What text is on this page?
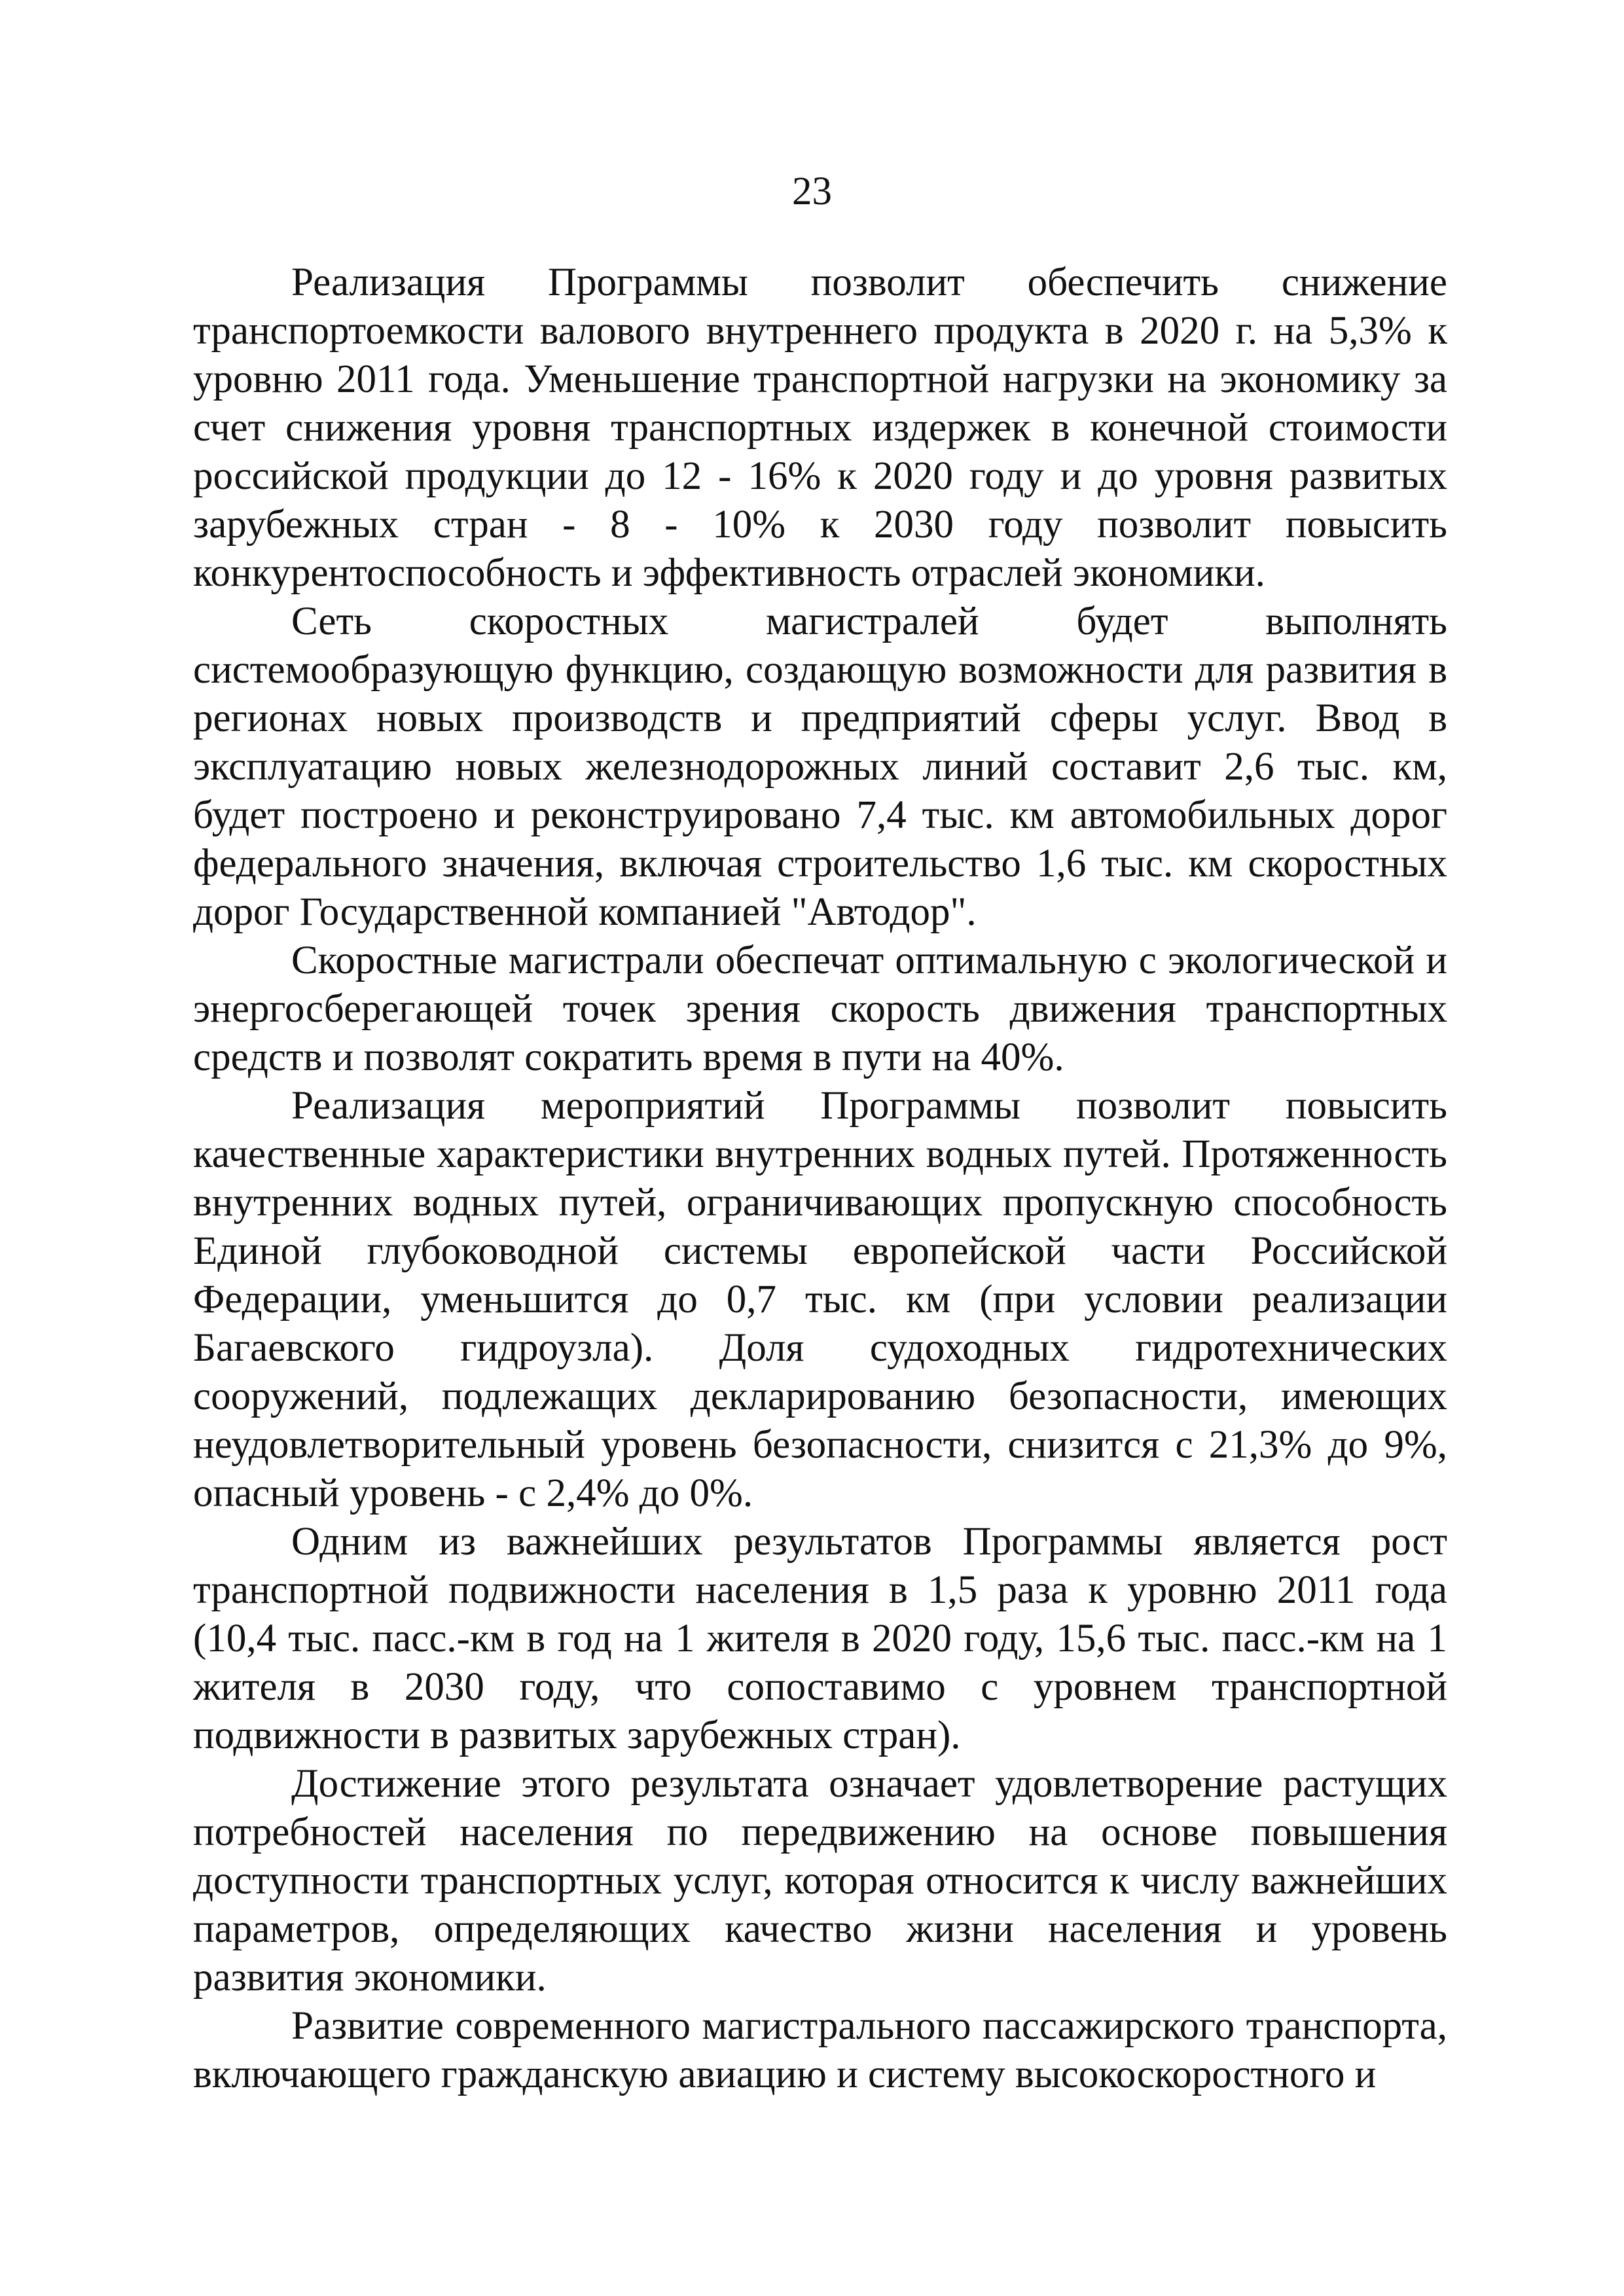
23

Реализация Программы позволит обеспечить снижение транспортоемкости валового внутреннего продукта в 2020 г. на 5,3% к уровню 2011 года. Уменьшение транспортной нагрузки на экономику за счет снижения уровня транспортных издержек в конечной стоимости российской продукции до 12 - 16% к 2020 году и до уровня развитых зарубежных стран - 8 - 10% к 2030 году позволит повысить конкурентоспособность и эффективность отраслей экономики.

Сеть скоростных магистралей будет выполнять системообразующую функцию, создающую возможности для развития в регионах новых производств и предприятий сферы услуг. Ввод в эксплуатацию новых железнодорожных линий составит 2,6 тыс. км, будет построено и реконструировано 7,4 тыс. км автомобильных дорог федерального значения, включая строительство 1,6 тыс. км скоростных дорог Государственной компанией "Автодор".

Скоростные магистрали обеспечат оптимальную с экологической и энергосберегающей точек зрения скорость движения транспортных средств и позволят сократить время в пути на 40%.

Реализация мероприятий Программы позволит повысить качественные характеристики внутренних водных путей. Протяженность внутренних водных путей, ограничивающих пропускную способность Единой глубоководной системы европейской части Российской Федерации, уменьшится до 0,7 тыс. км (при условии реализации Багаевского гидроузла). Доля судоходных гидротехнических сооружений, подлежащих декларированию безопасности, имеющих неудовлетворительный уровень безопасности, снизится с 21,3% до 9%, опасный уровень - с 2,4% до 0%.

Одним из важнейших результатов Программы является рост транспортной подвижности населения в 1,5 раза к уровню 2011 года (10,4 тыс. пасс.-км в год на 1 жителя в 2020 году, 15,6 тыс. пасс.-км на 1 жителя в 2030 году, что сопоставимо с уровнем транспортной подвижности в развитых зарубежных стран).

Достижение этого результата означает удовлетворение растущих потребностей населения по передвижению на основе повышения доступности транспортных услуг, которая относится к числу важнейших параметров, определяющих качество жизни населения и уровень развития экономики.

Развитие современного магистрального пассажирского транспорта, включающего гражданскую авиацию и систему высокоскоростного и
